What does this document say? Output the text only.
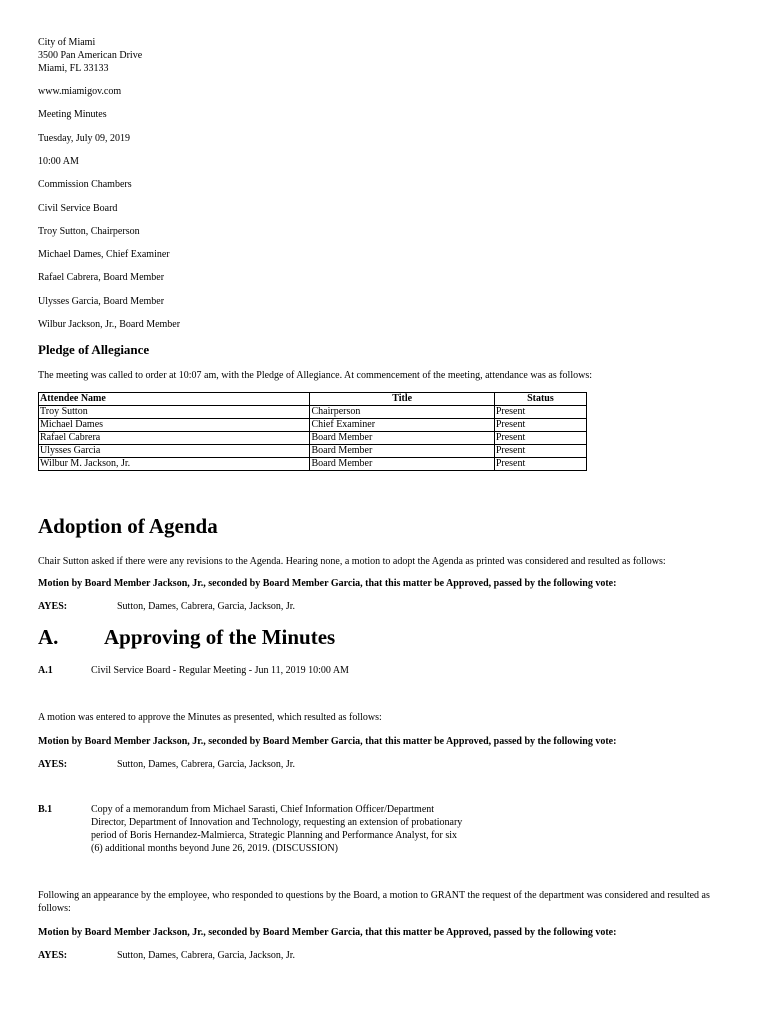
City of Miami
3500 Pan American Drive
Miami, FL 33133
www.miamigov.com
Meeting Minutes
Tuesday, July 09, 2019
10:00 AM
Commission Chambers
Civil Service Board
Troy Sutton, Chairperson
Michael Dames, Chief Examiner
Rafael Cabrera, Board Member
Ulysses Garcia, Board Member
Wilbur Jackson, Jr., Board Member
Pledge of Allegiance
The meeting was called to order at 10:07 am, with the Pledge of Allegiance. At commencement of the meeting, attendance was as follows:
Attendee Name	Title	Status
Troy Sutton	Chairperson	Present
Michael Dames	Chief Examiner	Present
Rafael Cabrera	Board Member	Present
Ulysses Garcia	Board Member	Present
Wilbur M. Jackson, Jr.	Board Member	Present
Adoption of Agenda
Chair Sutton asked if there were any revisions to the Agenda. Hearing none, a motion to adopt the Agenda as printed was considered and resulted as follows:
Motion by Board Member Jackson, Jr., seconded by Board Member Garcia, that this matter be Approved, passed by the following vote:
AYES:	Sutton, Dames, Cabrera, Garcia, Jackson, Jr.
A. Approving of the Minutes
A.1	Civil Service Board - Regular Meeting - Jun 11, 2019 10:00 AM
A motion was entered to approve the Minutes as presented, which resulted as follows:
Motion by Board Member Jackson, Jr., seconded by Board Member Garcia, that this matter be Approved, passed by the following vote:
AYES:	Sutton, Dames, Cabrera, Garcia, Jackson, Jr.
B.1	Copy of a memorandum from Michael Sarasti, Chief Information Officer/Department
Director, Department of Innovation and Technology, requesting an extension of probationary
period of Boris Hernandez-Malmierca, Strategic Planning and Performance Analyst, for six
(6) additional months beyond June 26, 2019. (DISCUSSION)
Following an appearance by the employee, who responded to questions by the Board, a motion to GRANT the request of the department was considered and resulted as follows:
Motion by Board Member Jackson, Jr., seconded by Board Member Garcia, that this matter be Approved, passed by the following vote:
AYES:	Sutton, Dames, Cabrera, Garcia, Jackson, Jr.
